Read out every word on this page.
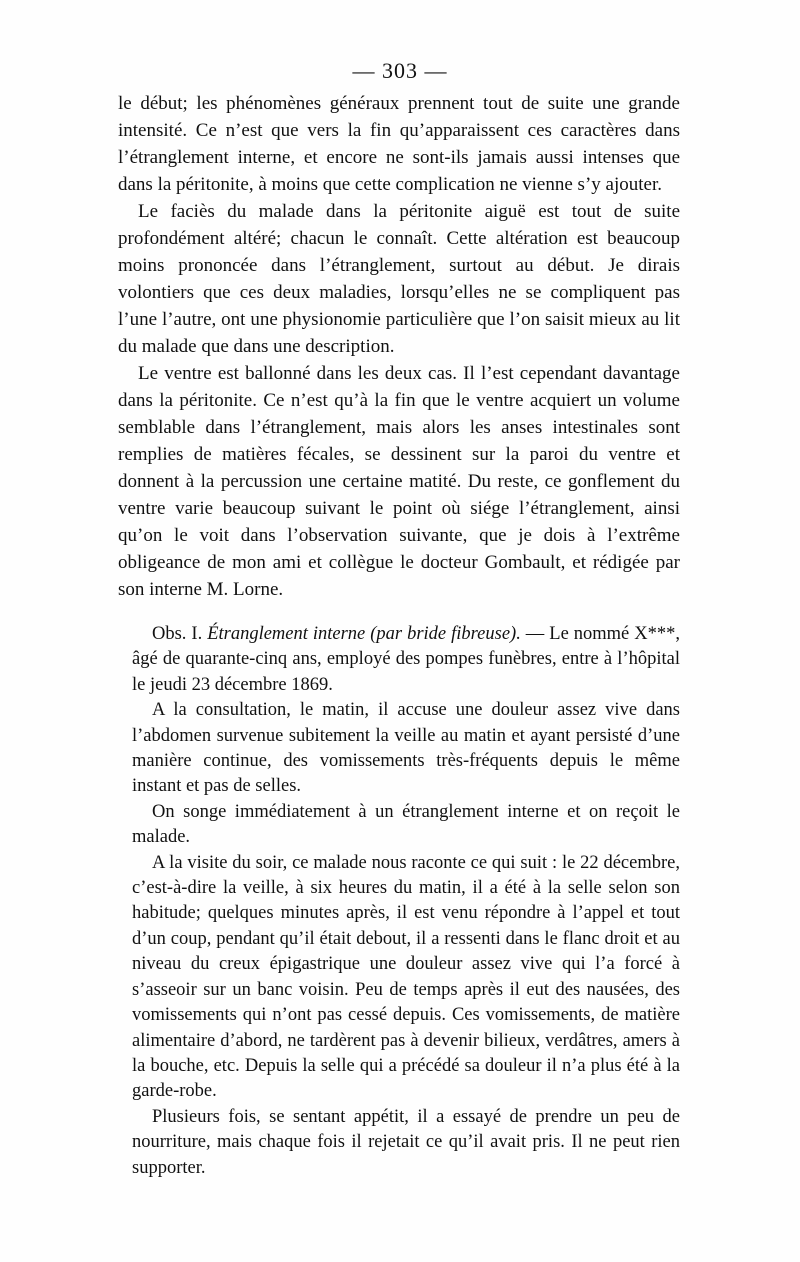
— 303 —

le début; les phénomènes généraux prennent tout de suite une grande intensité. Ce n’est que vers la fin qu’apparaissent ces caractères dans l’étranglement interne, et encore ne sont-ils jamais aussi intenses que dans la péritonite, à moins que cette complication ne vienne s’y ajouter.

Le faciès du malade dans la péritonite aiguë est tout de suite profondément altéré; chacun le connaît. Cette altération est beaucoup moins prononcée dans l’étranglement, surtout au début. Je dirais volontiers que ces deux maladies, lorsqu’elles ne se compliquent pas l’une l’autre, ont une physionomie particulière que l’on saisit mieux au lit du malade que dans une description.

Le ventre est ballonné dans les deux cas. Il l’est cependant davantage dans la péritonite. Ce n’est qu’à la fin que le ventre acquiert un volume semblable dans l’étranglement, mais alors les anses intestinales sont remplies de matières fécales, se dessinent sur la paroi du ventre et donnent à la percussion une certaine matité. Du reste, ce gonflement du ventre varie beaucoup suivant le point où siége l’étranglement, ainsi qu’on le voit dans l’observation suivante, que je dois à l’extrême obligeance de mon ami et collègue le docteur Gombault, et rédigée par son interne M. Lorne.

Obs. I. Étranglement interne (par bride fibreuse). — Le nommé X***, âgé de quarante-cinq ans, employé des pompes funèbres, entre à l’hôpital le jeudi 23 décembre 1869.

A la consultation, le matin, il accuse une douleur assez vive dans l’abdomen survenue subitement la veille au matin et ayant persisté d’une manière continue, des vomissements très-fréquents depuis le même instant et pas de selles.

On songe immédiatement à un étranglement interne et on reçoit le malade.

A la visite du soir, ce malade nous raconte ce qui suit : le 22 décembre, c’est-à-dire la veille, à six heures du matin, il a été à la selle selon son habitude; quelques minutes après, il est venu répondre à l’appel et tout d’un coup, pendant qu’il était debout, il a ressenti dans le flanc droit et au niveau du creux épigastrique une douleur assez vive qui l’a forcé à s’asseoir sur un banc voisin. Peu de temps après il eut des nausées, des vomissements qui n’ont pas cessé depuis. Ces vomissements, de matière alimentaire d’abord, ne tardèrent pas à devenir bilieux, verdâtres, amers à la bouche, etc. Depuis la selle qui a précédé sa douleur il n’a plus été à la garde-robe.

Plusieurs fois, se sentant appétit, il a essayé de prendre un peu de nourriture, mais chaque fois il rejetait ce qu’il avait pris. Il ne peut rien supporter.
